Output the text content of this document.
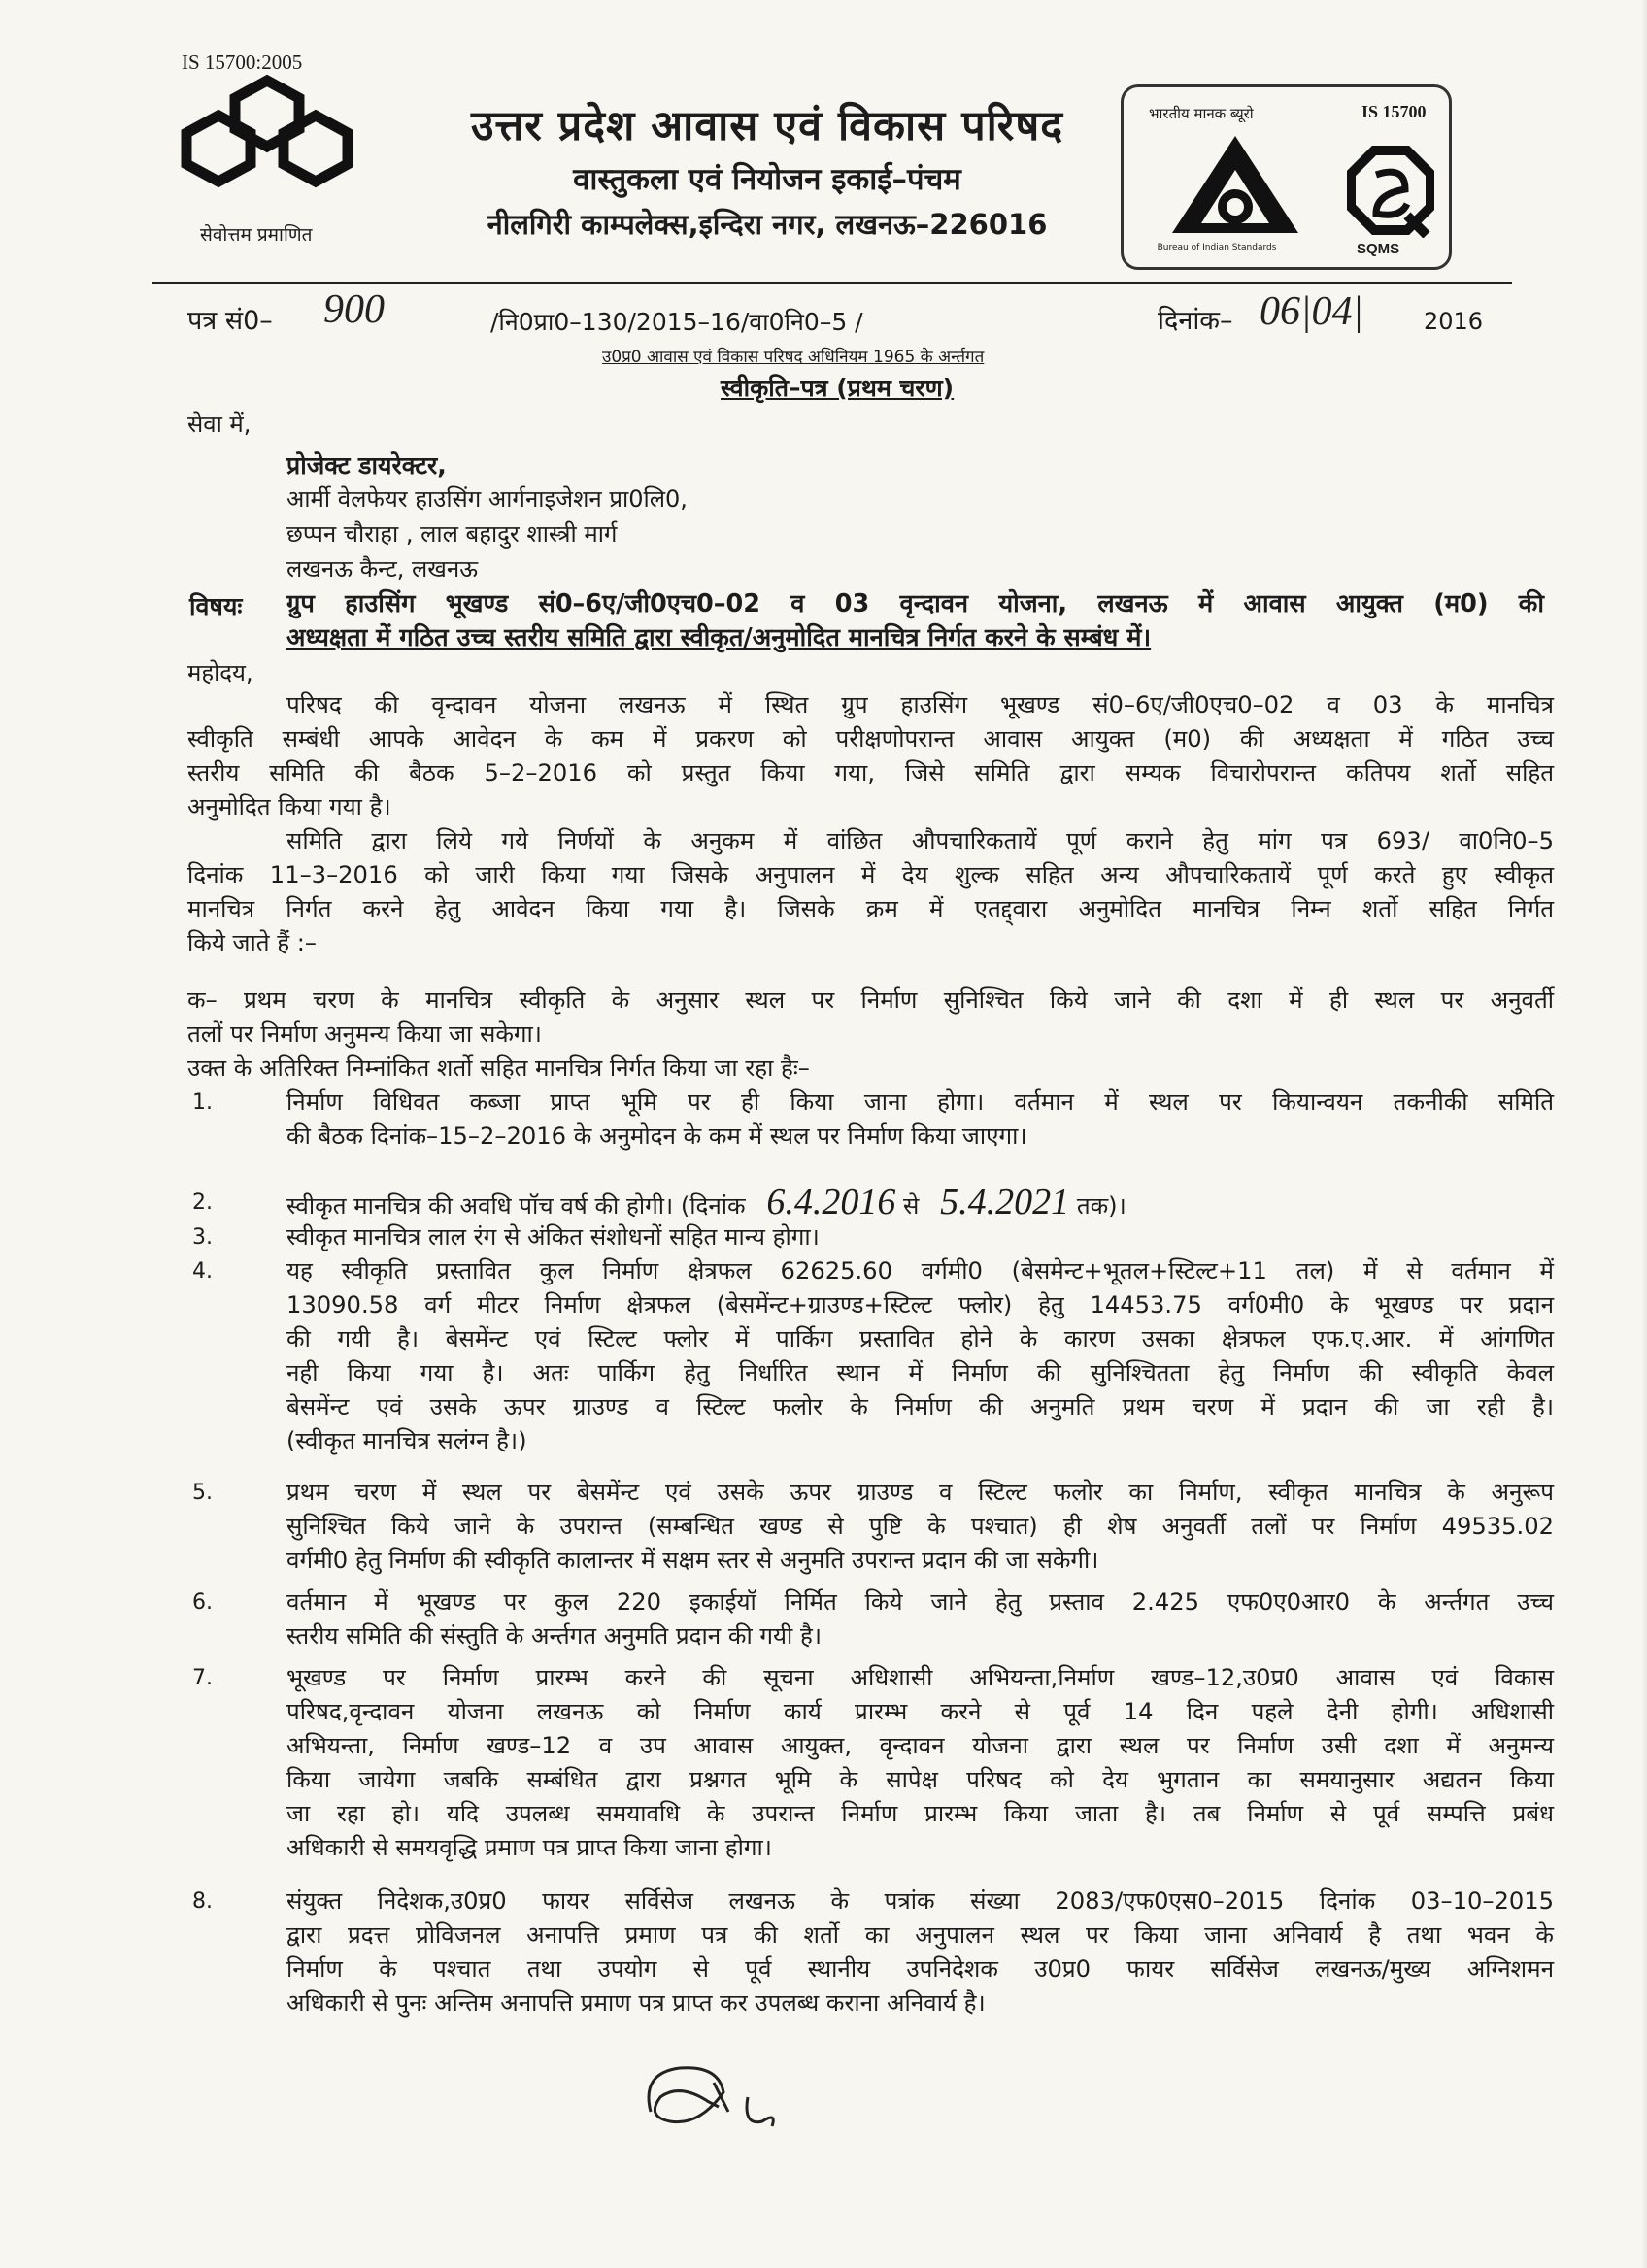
IS 15700:2005
सेवोत्तम प्रमाणित
उत्तर प्रदेश आवास एवं विकास परिषद
वास्तुकला एवं नियोजन इकाई–पंचम
नीलगिरी काम्पलेक्स,इन्दिरा नगर, लखनऊ–226016
भारतीय मानक ब्यूरो	IS 15700
Bureau of Indian Standards	SQMS
पत्र सं0– 900	/नि0प्रा0–130/2015–16/वा0नि0–5 /	दिनांक– 06|04|	2016
उ0प्र0 आवास एवं विकास परिषद अधिनियम 1965 के अर्न्तगत
स्वीकृति–पत्र (प्रथम चरण)
सेवा में,
प्रोजेक्ट डायरेक्टर,
आर्मी वेलफेयर हाउसिंग आर्गनाइजेशन प्रा0लि0,
छप्पन चौराहा , लाल बहादुर शास्त्री मार्ग
लखनऊ कैन्ट, लखनऊ
विषयः ग्रुप हाउसिंग भूखण्ड सं0–6ए/जी0एच0–02 व 03 वृन्दावन योजना, लखनऊ में आवास आयुक्त (म0) की
अध्यक्षता में गठित उच्च स्तरीय समिति द्वारा स्वीकृत/अनुमोदित मानचित्र निर्गत करने के सम्बंध में।
महोदय,
परिषद की वृन्दावन योजना लखनऊ में स्थित ग्रुप हाउसिंग भूखण्ड सं0–6ए/जी0एच0–02 व 03 के मानचित्र
स्वीकृति सम्बंधी आपके आवेदन के कम में प्रकरण को परीक्षणोपरान्त आवास आयुक्त (म0) की अध्यक्षता में गठित उच्च
स्तरीय समिति की बैठक 5–2–2016 को प्रस्तुत किया गया, जिसे समिति द्वारा सम्यक विचारोपरान्त कतिपय शर्तो सहित
अनुमोदित किया गया है।
समिति द्वारा लिये गये निर्णयों के अनुकम में वांछित औपचारिकतायें पूर्ण कराने हेतु मांग पत्र 693/ वा0नि0–5
दिनांक 11–3–2016 को जारी किया गया जिसके अनुपालन में देय शुल्क सहित अन्य औपचारिकतायें पूर्ण करते हुए स्वीकृत
मानचित्र निर्गत करने हेतु आवेदन किया गया है। जिसके क्रम में एतद्द्वारा अनुमोदित मानचित्र निम्न शर्तो सहित निर्गत
किये जाते हैं :–
क– प्रथम चरण के मानचित्र स्वीकृति के अनुसार स्थल पर निर्माण सुनिश्चित किये जाने की दशा में ही स्थल पर अनुवर्ती
तलों पर निर्माण अनुमन्य किया जा सकेगा।
उक्त के अतिरिक्त निम्नांकित शर्तो सहित मानचित्र निर्गत किया जा रहा हैः–
1.	निर्माण विधिवत कब्जा प्राप्त भूमि पर ही किया जाना होगा। वर्तमान में स्थल पर कियान्वयन तकनीकी समिति
की बैठक दिनांक–15–2–2016 के अनुमोदन के कम में स्थल पर निर्माण किया जाएगा।
2.	स्वीकृत मानचित्र की अवधि पॉच वर्ष की होगी। (दिनांक 6.4.2016 से 5.4.2021 तक)।
3.	स्वीकृत मानचित्र लाल रंग से अंकित संशोधनों सहित मान्य होगा।
4.	यह स्वीकृति प्रस्तावित कुल निर्माण क्षेत्रफल 62625.60 वर्गमी0 (बेसमेन्ट+भूतल+स्टिल्ट+11 तल) में से वर्तमान में
13090.58 वर्ग मीटर निर्माण क्षेत्रफल (बेसमेंन्ट+ग्राउण्ड+स्टिल्ट फ्लोर) हेतु 14453.75 वर्ग0मी0 के भूखण्ड पर प्रदान
की गयी है। बेसमेंन्ट एवं स्टिल्ट फ्लोर में पार्किग प्रस्तावित होने के कारण उसका क्षेत्रफल एफ.ए.आर. में आंगणित
नही किया गया है। अतः पार्किग हेतु निर्धारित स्थान में निर्माण की सुनिश्चितता हेतु निर्माण की स्वीकृति केवल
बेसमेंन्ट एवं उसके ऊपर ग्राउण्ड व स्टिल्ट फलोर के निर्माण की अनुमति प्रथम चरण में प्रदान की जा रही है।
(स्वीकृत मानचित्र सलंग्न है।)
5.	प्रथम चरण में स्थल पर बेसमेंन्ट एवं उसके ऊपर ग्राउण्ड व स्टिल्ट फलोर का निर्माण, स्वीकृत मानचित्र के अनुरूप
सुनिश्चित किये जाने के उपरान्त (सम्बन्धित खण्ड से पुष्टि के पश्चात) ही शेष अनुवर्ती तलों पर निर्माण 49535.02
वर्गमी0 हेतु निर्माण की स्वीकृति कालान्तर में सक्षम स्तर से अनुमति उपरान्त प्रदान की जा सकेगी।
6.	वर्तमान में भूखण्ड पर कुल 220 इकाईयॉ निर्मित किये जाने हेतु प्रस्ताव 2.425 एफ0ए0आर0 के अर्न्तगत उच्च
स्तरीय समिति की संस्तुति के अर्न्तगत अनुमति प्रदान की गयी है।
7.	भूखण्ड पर निर्माण प्रारम्भ करने की सूचना अधिशासी अभियन्ता,निर्माण खण्ड–12,उ0प्र0 आवास एवं विकास
परिषद,वृन्दावन योजना लखनऊ को निर्माण कार्य प्रारम्भ करने से पूर्व 14 दिन पहले देनी होगी। अधिशासी
अभियन्ता, निर्माण खण्ड–12 व उप आवास आयुक्त, वृन्दावन योजना द्वारा स्थल पर निर्माण उसी दशा में अनुमन्य
किया जायेगा जबकि सम्बंधित द्वारा प्रश्नगत भूमि के सापेक्ष परिषद को देय भुगतान का समयानुसार अद्यतन किया
जा रहा हो। यदि उपलब्ध समयावधि के उपरान्त निर्माण प्रारम्भ किया जाता है। तब निर्माण से पूर्व सम्पत्ति प्रबंध
अधिकारी से समयवृद्धि प्रमाण पत्र प्राप्त किया जाना होगा।
8.	संयुक्त निदेशक,उ0प्र0 फायर सर्विसेज लखनऊ के पत्रांक संख्या 2083/एफ0एस0–2015 दिनांक 03–10–2015
द्वारा प्रदत्त प्रोविजनल अनापत्ति प्रमाण पत्र की शर्तो का अनुपालन स्थल पर किया जाना अनिवार्य है तथा भवन के
निर्माण के पश्चात तथा उपयोग से पूर्व स्थानीय उपनिदेशक उ0प्र0 फायर सर्विसेज लखनऊ/मुख्य अग्निशमन
अधिकारी से पुनः अन्तिम अनापत्ति प्रमाण पत्र प्राप्त कर उपलब्ध कराना अनिवार्य है।
